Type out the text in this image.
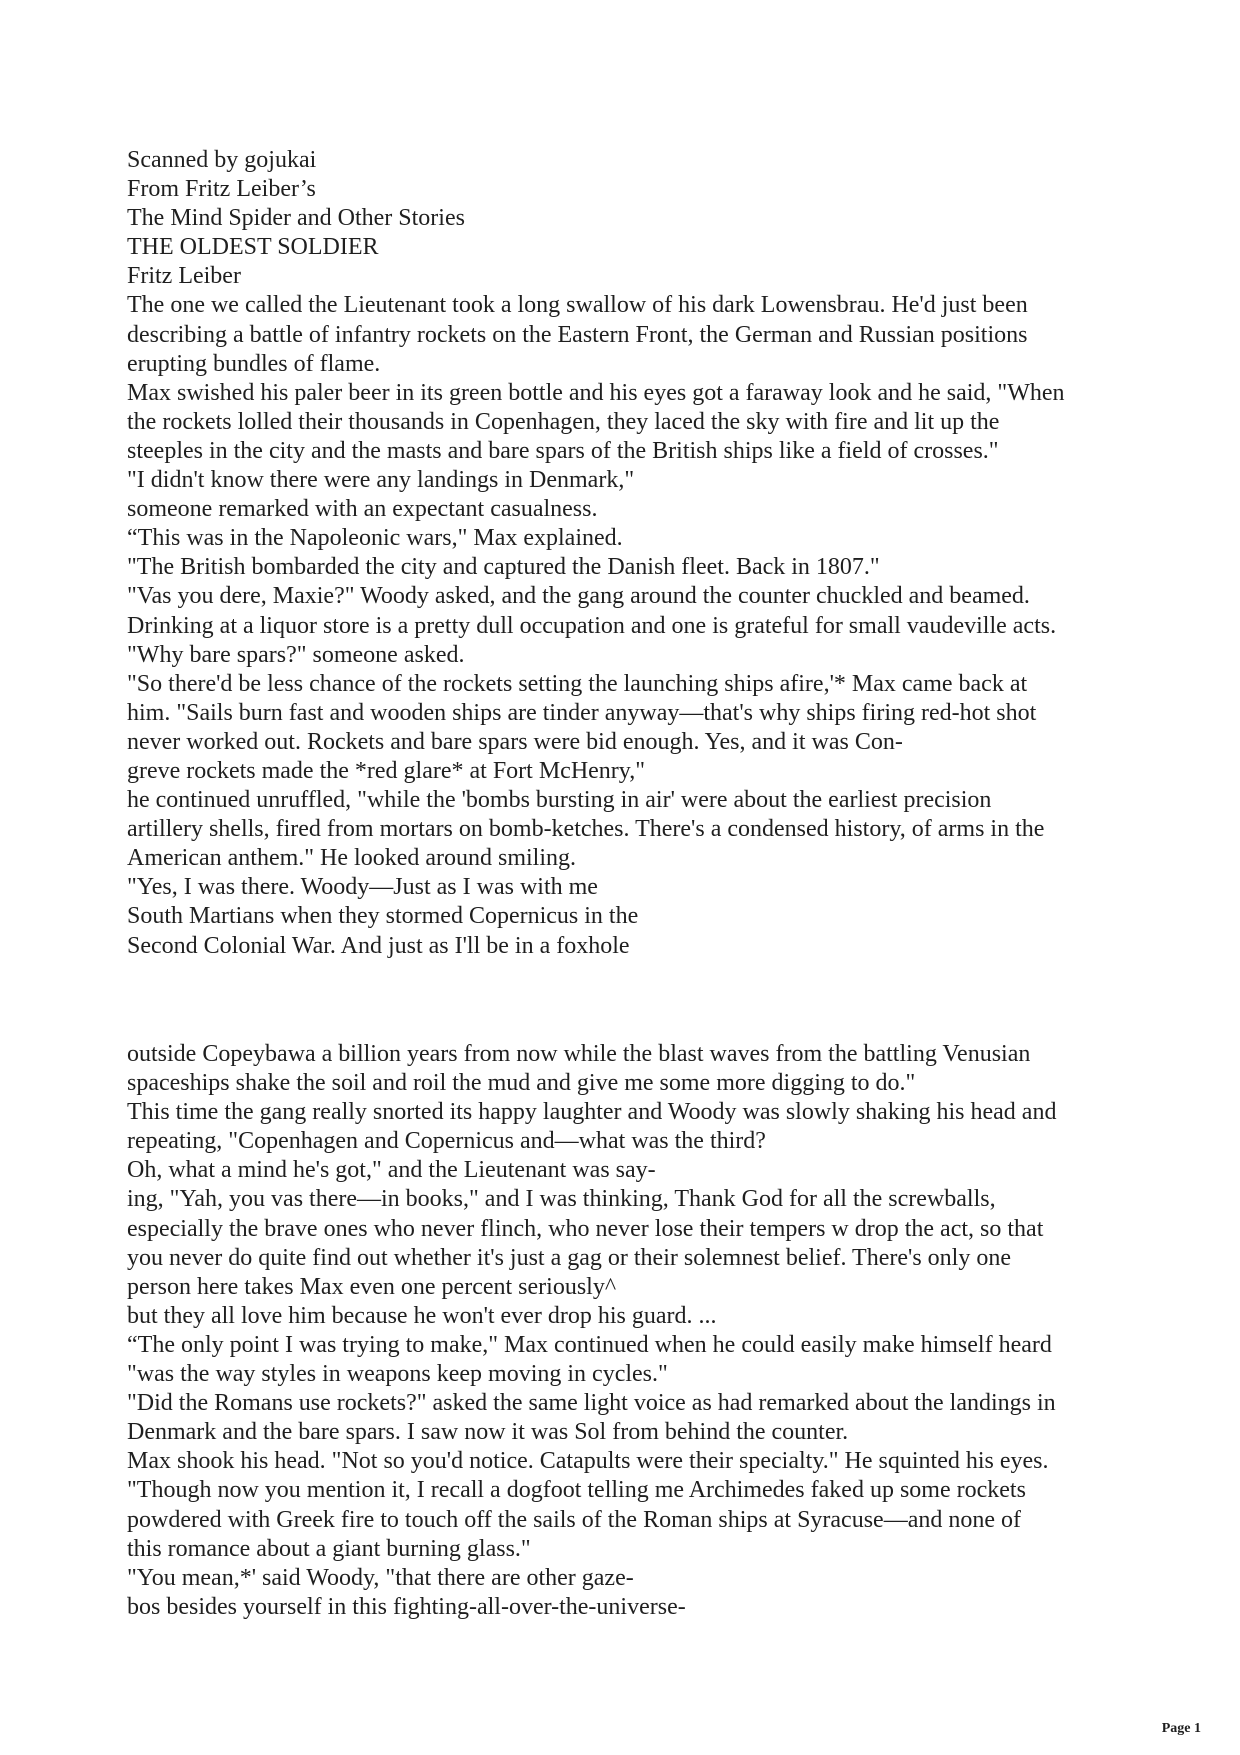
Scanned by gojukai
From Fritz Leiber’s
The Mind Spider and Other Stories
THE OLDEST SOLDIER
Fritz Leiber
The one we called the Lieutenant took a long swallow of his dark Lowensbrau. He'd just been
describing a battle of infantry rockets on the Eastern Front, the German and Russian positions
erupting bundles of flame.
Max swished his paler beer in its green bottle and his eyes got a faraway look and he said, "When
the rockets lolled their thousands in Copenhagen, they laced the sky with fire and lit up the
steeples in the city and the masts and bare spars of the British ships like a field of crosses."
"I didn't know there were any landings in Denmark,"
someone remarked with an expectant casualness.
“This was in the Napoleonic wars," Max explained.
"The British bombarded the city and captured the Danish fleet. Back in 1807."
"Vas you dere, Maxie?" Woody asked, and the gang around the counter chuckled and beamed.
Drinking at a liquor store is a pretty dull occupation and one is grateful for small vaudeville acts.
"Why bare spars?" someone asked.
"So there'd be less chance of the rockets setting the launching ships afire,'* Max came back at
him. "Sails burn fast and wooden ships are tinder anyway—that's why ships firing red-hot shot
never worked out. Rockets and bare spars were bid enough. Yes, and it was Con-
greve rockets made the *red glare* at Fort McHenry,"
he continued unruffled, "while the 'bombs bursting in air' were about the earliest precision
artillery shells, fired from mortars on bomb-ketches. There's a condensed history, of arms in the
American anthem." He looked around smiling.
"Yes, I was there. Woody—Just as I was with me
South Martians when they stormed Copernicus in the
Second Colonial War. And just as I'll be in a foxhole
outside Copeybawa a billion years from now while the blast waves from the battling Venusian
spaceships shake the soil and roil the mud and give me some more digging to do."
This time the gang really snorted its happy laughter and Woody was slowly shaking his head and
repeating, "Copenhagen and Copernicus and—what was the third?
Oh, what a mind he's got," and the Lieutenant was say-
ing, "Yah, you vas there—in books," and I was thinking, Thank God for all the screwballs,
especially the brave ones who never flinch, who never lose their tempers w drop the act, so that
you never do quite find out whether it's just a gag or their solemnest belief. There's only one
person here takes Max even one percent seriously^
but they all love him because he won't ever drop his guard. ...
“The only point I was trying to make," Max continued when he could easily make himself heard
"was the way styles in weapons keep moving in cycles."
"Did the Romans use rockets?" asked the same light voice as had remarked about the landings in
Denmark and the bare spars. I saw now it was Sol from behind the counter.
Max shook his head. "Not so you'd notice. Catapults were their specialty." He squinted his eyes.
"Though now you mention it, I recall a dogfoot telling me Archimedes faked up some rockets
powdered with Greek fire to touch off the sails of the Roman ships at Syracuse—and none of
this romance about a giant burning glass."
"You mean,*' said Woody, "that there are other gaze-
bos besides yourself in this fighting-all-over-the-universe-
Page 1
